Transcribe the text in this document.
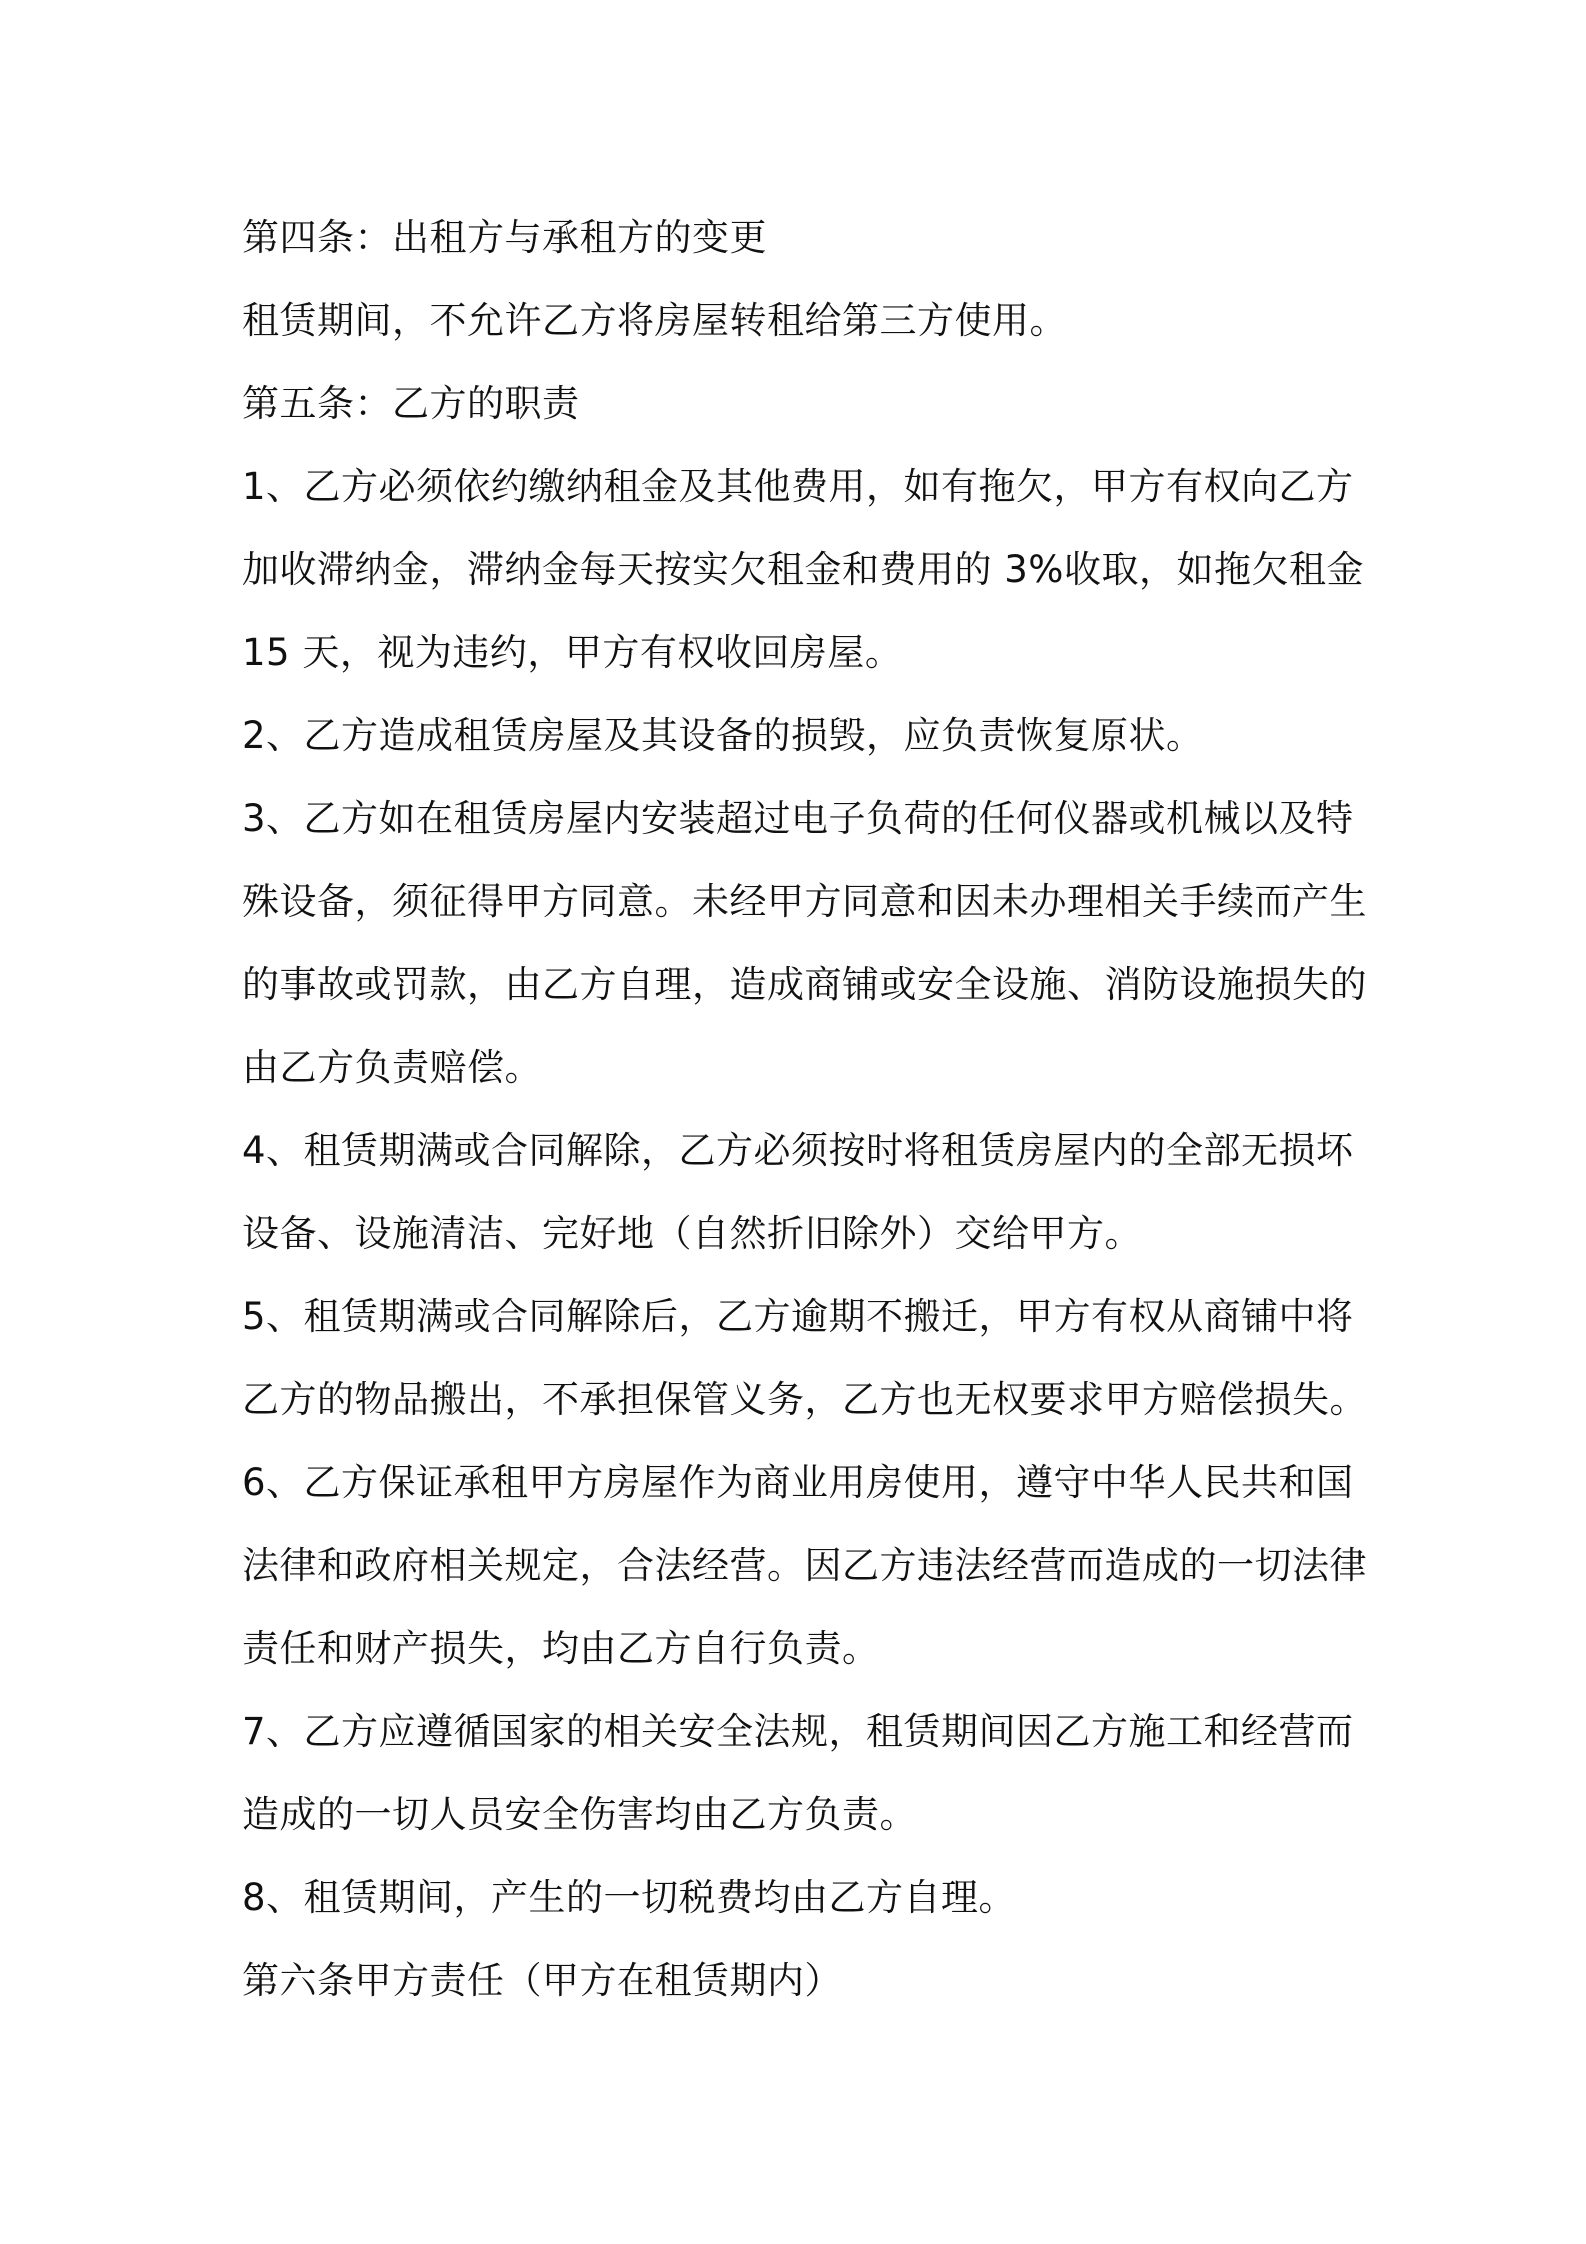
第四条：出租方与承租方的变更

租赁期间，不允许乙方将房屋转租给第三方使用。

第五条：乙方的职责

1、乙方必须依约缴纳租金及其他费用，如有拖欠，甲方有权向乙方

加收滞纳金，滞纳金每天按实欠租金和费用的 3%收取，如拖欠租金

15 天，视为违约，甲方有权收回房屋。

2、乙方造成租赁房屋及其设备的损毁，应负责恢复原状。

3、乙方如在租赁房屋内安装超过电子负荷的任何仪器或机械以及特

殊设备，须征得甲方同意。未经甲方同意和因未办理相关手续而产生

的事故或罚款，由乙方自理，造成商铺或安全设施、消防设施损失的

由乙方负责赔偿。

4、租赁期满或合同解除，乙方必须按时将租赁房屋内的全部无损坏

设备、设施清洁、完好地（自然折旧除外）交给甲方。

5、租赁期满或合同解除后，乙方逾期不搬迁，甲方有权从商铺中将

乙方的物品搬出，不承担保管义务，乙方也无权要求甲方赔偿损失。

6、乙方保证承租甲方房屋作为商业用房使用，遵守中华人民共和国

法律和政府相关规定，合法经营。因乙方违法经营而造成的一切法律

责任和财产损失，均由乙方自行负责。

7、乙方应遵循国家的相关安全法规，租赁期间因乙方施工和经营而

造成的一切人员安全伤害均由乙方负责。

8、租赁期间，产生的一切税费均由乙方自理。

第六条甲方责任（甲方在租赁期内）
